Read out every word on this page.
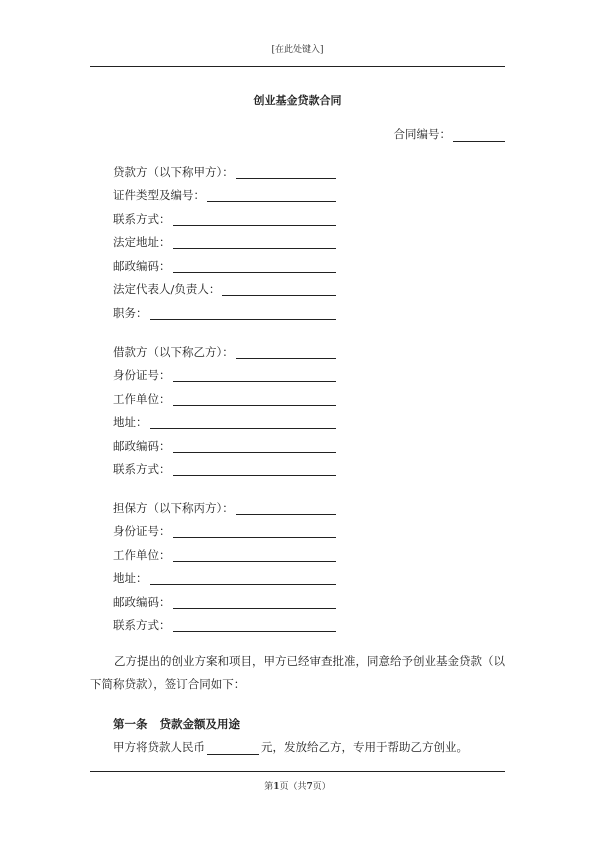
[在此处键入]
创业基金贷款合同
合同编号：
贷款方（以下称甲方）：
证件类型及编号：
联系方式：
法定地址：
邮政编码：
法定代表人/负责人：
职务：
借款方（以下称乙方）：
身份证号：
工作单位：
地址：
邮政编码：
联系方式：
担保方（以下称丙方）：
身份证号：
工作单位：
地址：
邮政编码：
联系方式：

乙方提出的创业方案和项目，甲方已经审查批准，同意给予创业基金贷款（以下简称贷款），签订合同如下：

第一条 贷款金额及用途
甲方将贷款人民币	元，发放给乙方，专用于帮助乙方创业。
第1页（共7页）
